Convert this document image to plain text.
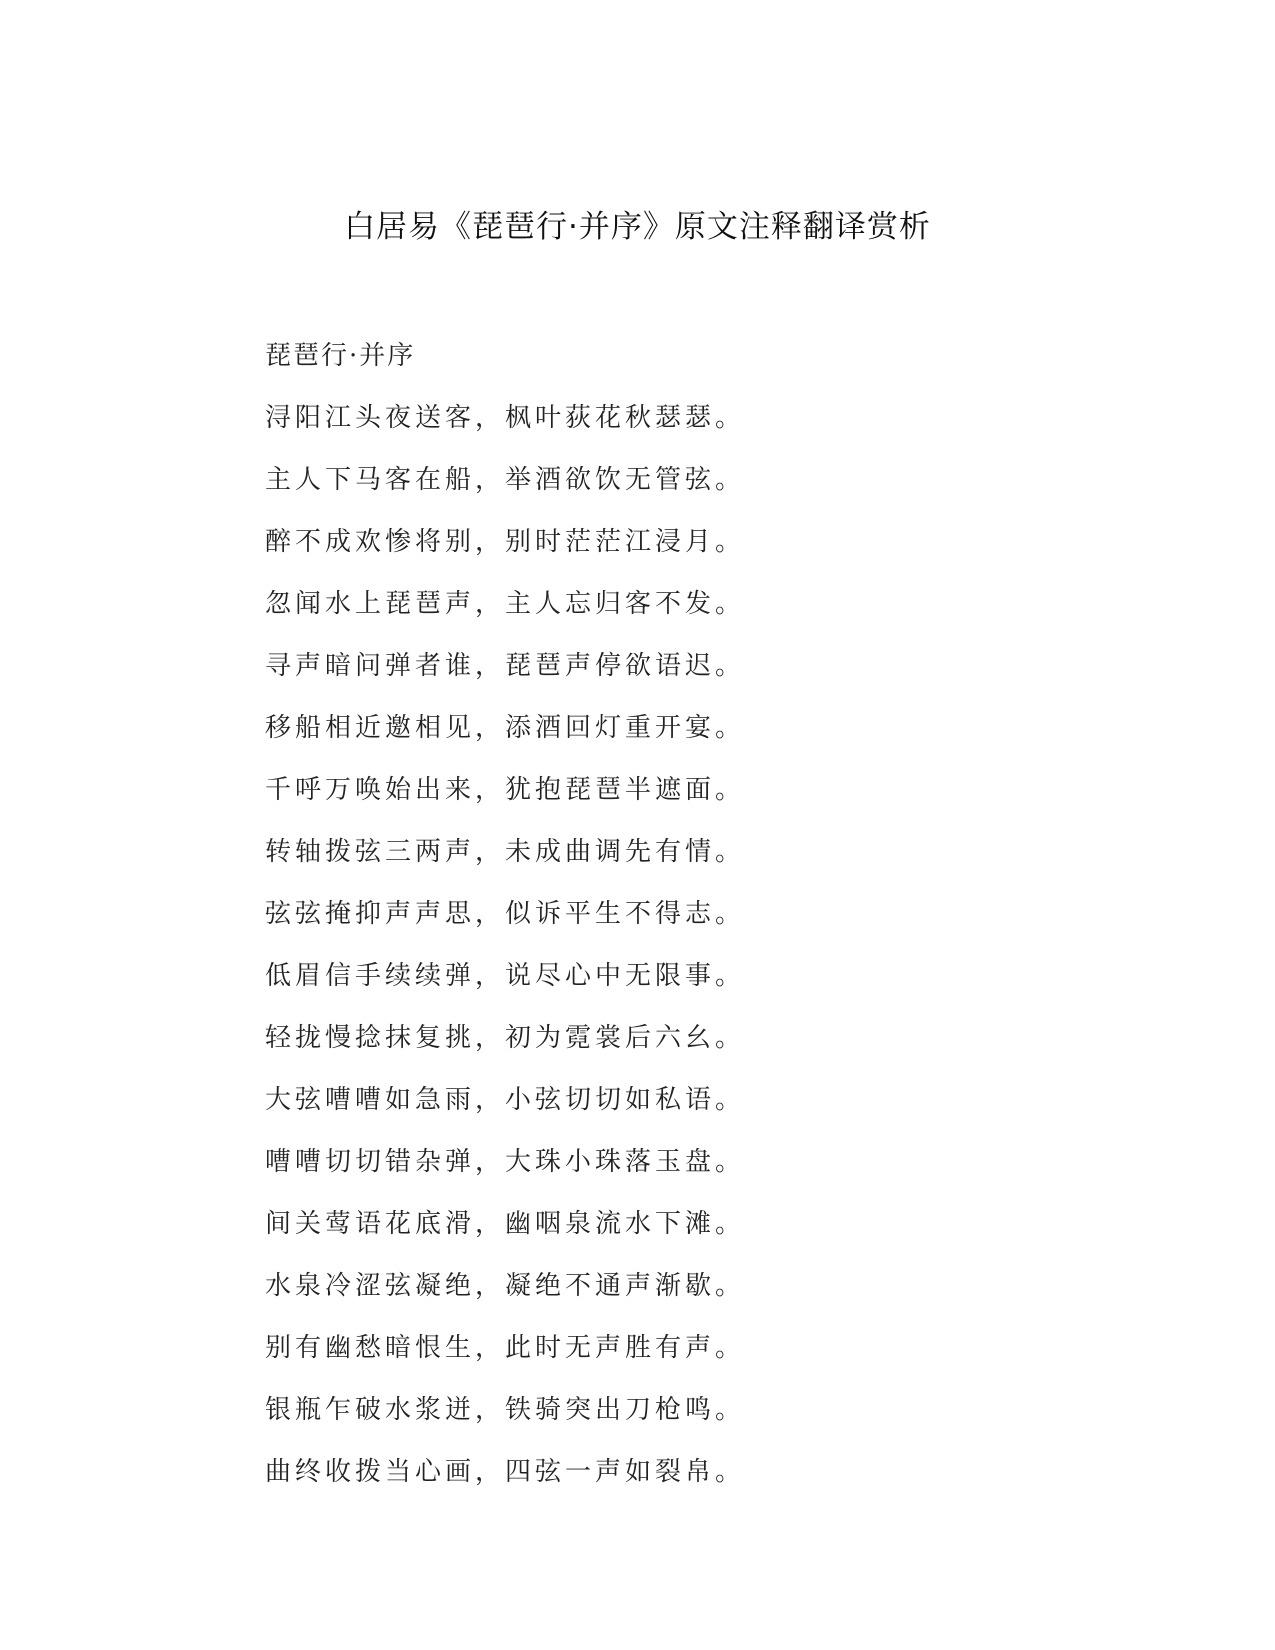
白居易《琵琶行·并序》原文注释翻译赏析
琵琶行·并序
浔阳江头夜送客，枫叶荻花秋瑟瑟。
主人下马客在船，举酒欲饮无管弦。
醉不成欢惨将别，别时茫茫江浸月。
忽闻水上琵琶声，主人忘归客不发。
寻声暗问弹者谁，琵琶声停欲语迟。
移船相近邀相见，添酒回灯重开宴。
千呼万唤始出来，犹抱琵琶半遮面。
转轴拨弦三两声，未成曲调先有情。
弦弦掩抑声声思，似诉平生不得志。
低眉信手续续弹，说尽心中无限事。
轻拢慢捻抹复挑，初为霓裳后六幺。
大弦嘈嘈如急雨，小弦切切如私语。
嘈嘈切切错杂弹，大珠小珠落玉盘。
间关莺语花底滑，幽咽泉流水下滩。
水泉冷涩弦凝绝，凝绝不通声渐歇。
别有幽愁暗恨生，此时无声胜有声。
银瓶乍破水浆迸，铁骑突出刀枪鸣。
曲终收拨当心画，四弦一声如裂帛。
